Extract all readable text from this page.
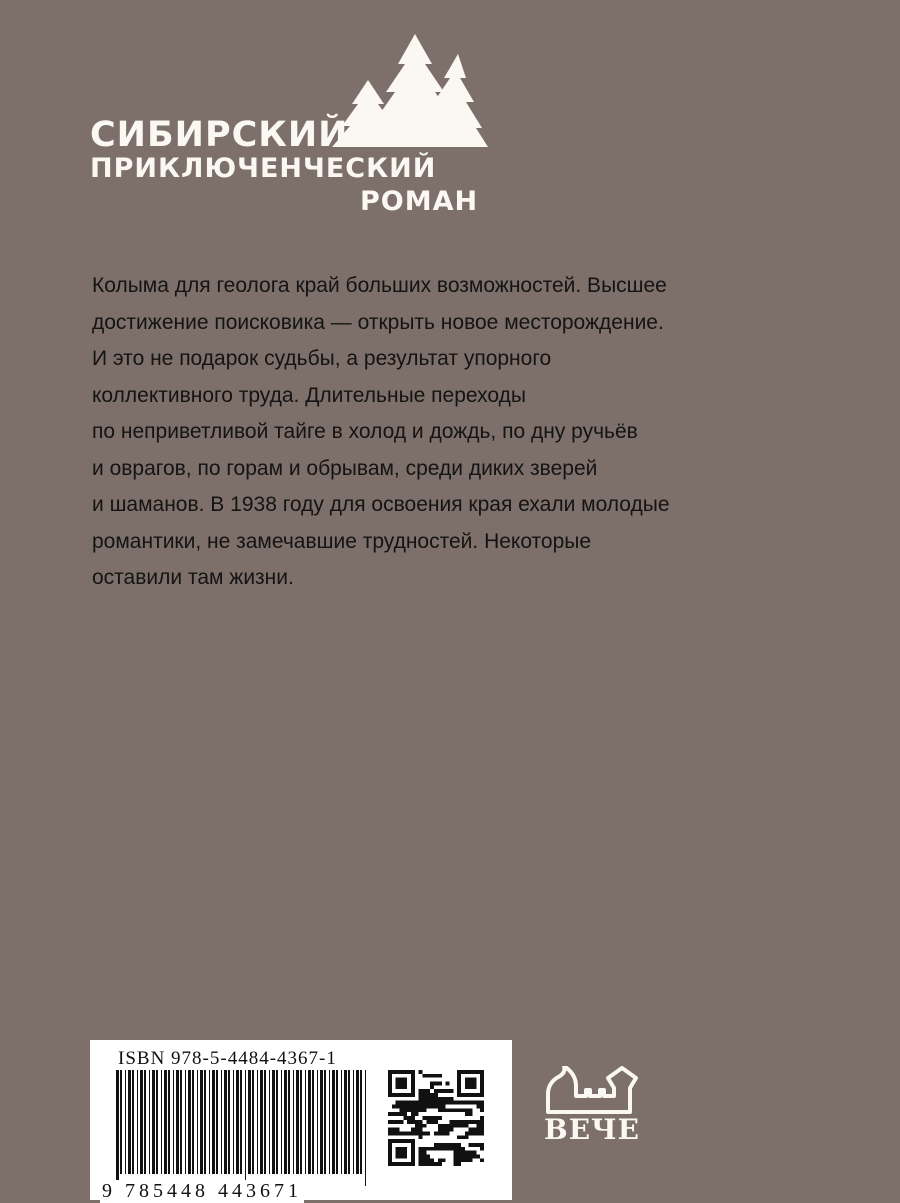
СИБИРСКИЙ

ПРИКЛЮЧЕНЧЕСКИЙ

РОМАН

Колыма для геолога край больших возможностей. Высшее
достижение поисковика — открыть новое месторождение.
И это не подарок судьбы, а результат упорного
коллективного труда. Длительные переходы
по неприветливой тайге в холод и дождь, по дну ручьёв
и оврагов, по горам и обрывам, среди диких зверей
и шаманов. В 1938 году для освоения края ехали молодые
романтики, не замечавшие трудностей. Некоторые
оставили там жизни.
ISBN 978-5-4484-4367-1
9 785448 443671
ВЕЧЕ
